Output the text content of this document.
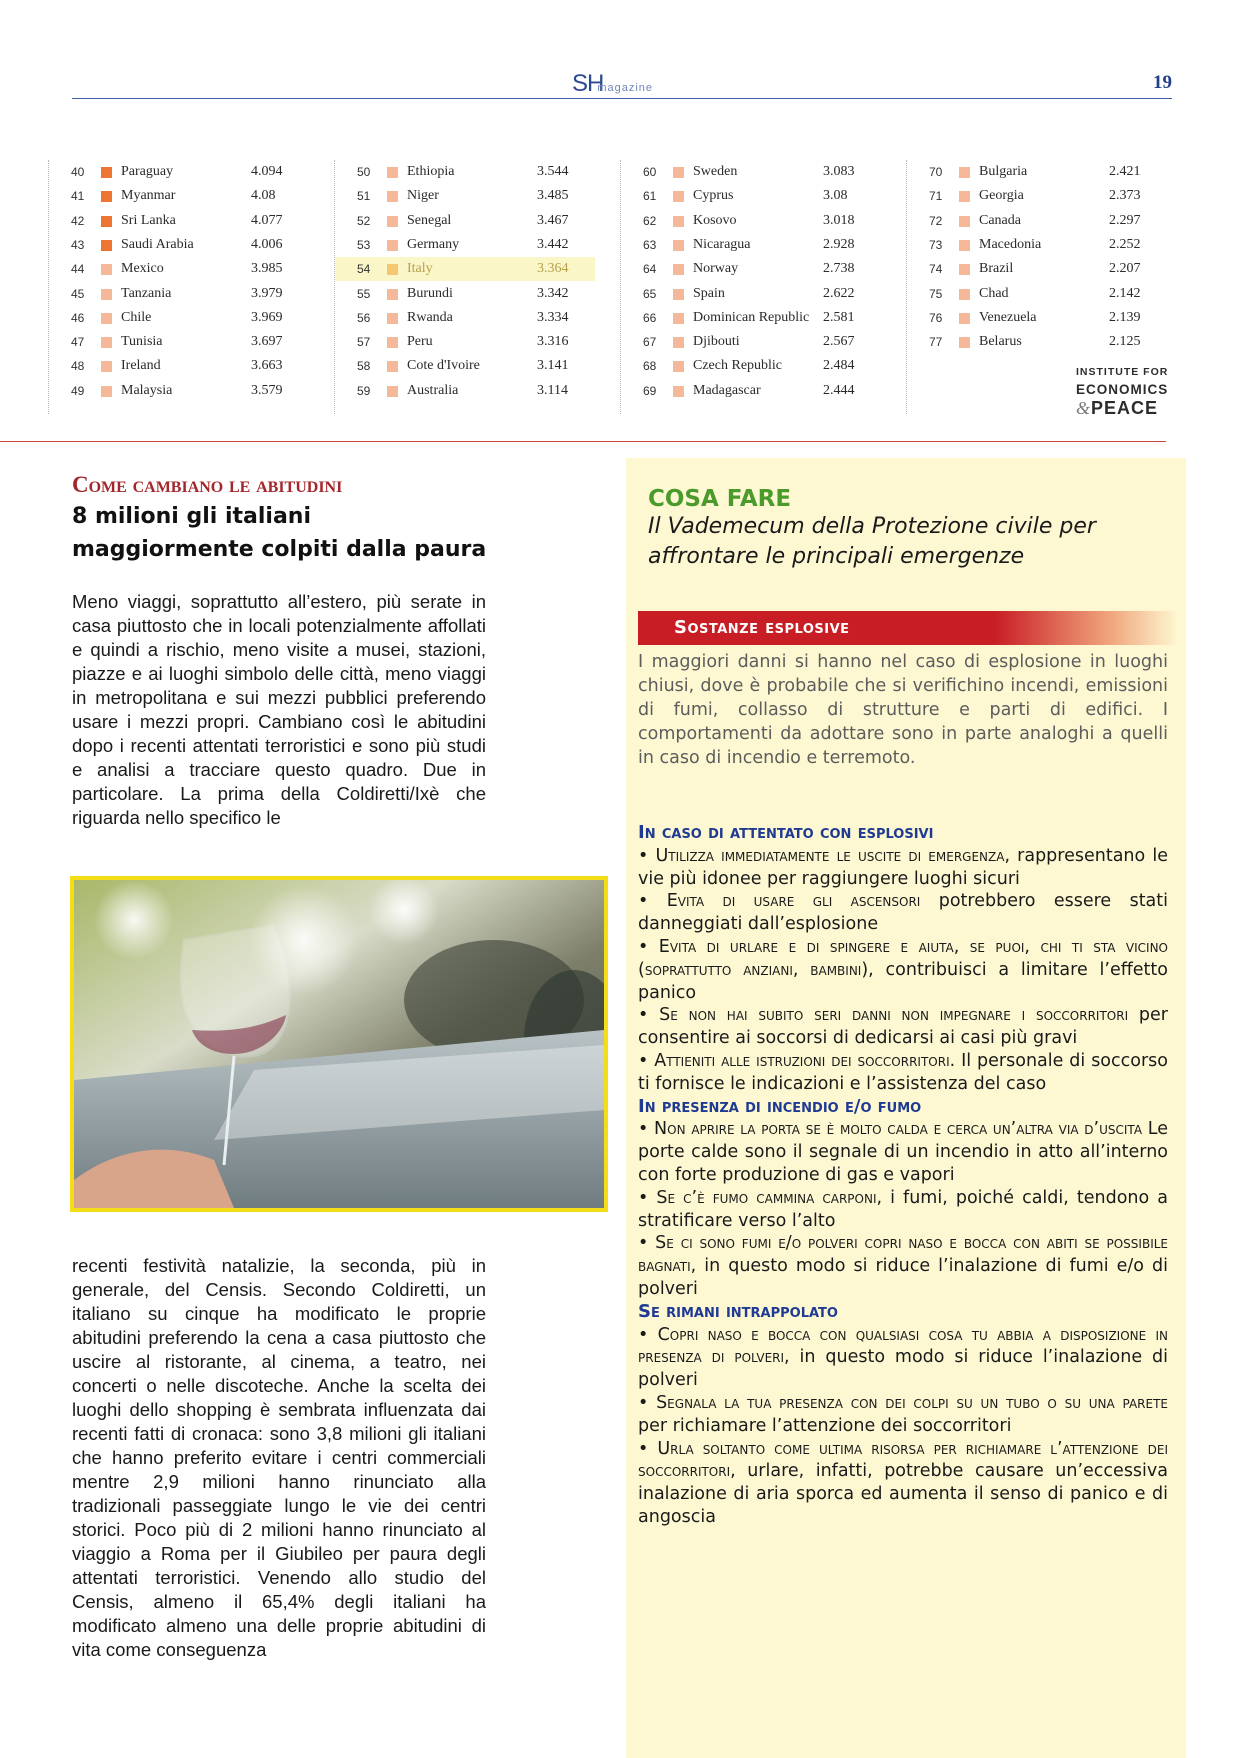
SHmagazine	19
40	Paraguay	4.094
41	Myanmar	4.08
42	Sri Lanka	4.077
43	Saudi Arabia	4.006
44	Mexico	3.985
45	Tanzania	3.979
46	Chile	3.969
47	Tunisia	3.697
48	Ireland	3.663
49	Malaysia	3.579
50	Ethiopia	3.544
51	Niger	3.485
52	Senegal	3.467
53	Germany	3.442
54	Italy	3.364
55	Burundi	3.342
56	Rwanda	3.334
57	Peru	3.316
58	Cote d'Ivoire	3.141
59	Australia	3.114
60	Sweden	3.083
61	Cyprus	3.08
62	Kosovo	3.018
63	Nicaragua	2.928
64	Norway	2.738
65	Spain	2.622
66	Dominican Republic 2.581
67	Djibouti	2.567
68	Czech Republic	2.484
69	Madagascar	2.444
70	Bulgaria	2.421
71	Georgia	2.373
72	Canada	2.297
73	Macedonia	2.252
74	Brazil	2.207
75	Chad	2.142
76	Venezuela	2.139
77	Belarus	2.125
INSTITUTE FOR
ECONOMICS
&PEACE
Come cambiano le abitudini
8 milioni gli italiani maggiormente colpiti dalla paura
Meno viaggi, soprattutto all’estero, più serate in casa piuttosto che in locali potenzialmente affollati e quindi a rischio, meno visite a musei, stazioni, piazze e ai luoghi simbolo delle città, meno viaggi in metropolitana e sui mezzi pubblici preferendo usare i mezzi propri. Cambiano così le abitudini dopo i recenti attentati terroristici e sono più studi e analisi a tracciare questo quadro. Due in particolare. La prima della Coldiretti/Ixè che riguarda nello specifico le
recenti festività natalizie, la seconda, più in generale, del Censis. Secondo Coldiretti, un italiano su cinque ha modificato le proprie abitudini preferendo la cena a casa piuttosto che uscire al ristorante, al cinema, a teatro, nei concerti o nelle discoteche. Anche la scelta dei luoghi dello shopping è sembrata influenzata dai recenti fatti di cronaca: sono 3,8 milioni gli italiani che hanno preferito evitare i centri commerciali mentre 2,9 milioni hanno rinunciato alla tradizionali passeggiate lungo le vie dei centri storici. Poco più di 2 milioni hanno rinunciato al viaggio a Roma per il Giubileo per paura degli attentati terroristici. Venendo allo studio del Censis, almeno il 65,4% degli italiani ha modificato almeno una delle proprie abitudini di vita come conseguenza
COSA FARE
Il Vademecum della Protezione civile per affrontare le principali emergenze
Sostanze esplosive
I maggiori danni si hanno nel caso di esplosione in luoghi chiusi, dove è probabile che si verifichino incendi, emissioni di fumi, collasso di strutture e parti di edifici. I comportamenti da adottare sono in parte analoghi a quelli in caso di incendio e terremoto.

In caso di attentato con esplosivi

• Utilizza immediatamente le uscite di emergenza, rappresentano le vie più idonee per raggiungere luoghi sicuri

• Evita di usare gli ascensori potrebbero essere stati danneggiati dall’esplosione

• Evita di urlare e di spingere e aiuta, se puoi, chi ti sta vicino (soprattutto anziani, bambini), contribuisci a limitare l’effetto panico

• Se non hai subito seri danni non impegnare i soccorritori per consentire ai soccorsi di dedicarsi ai casi più gravi

• Attieniti alle istruzioni dei soccorritori. Il personale di soccorso ti fornisce le indicazioni e l’assistenza del caso

In presenza di incendio e/o fumo

• Non aprire la porta se è molto calda e cerca un’altra via d’uscita Le porte calde sono il segnale di un incendio in atto all’interno con forte produzione di gas e vapori

• Se c’è fumo cammina carponi, i fumi, poiché caldi, tendono a stratificare verso l’alto

• Se ci sono fumi e/o polveri copri naso e bocca con abiti se possibile bagnati, in questo modo si riduce l’inalazione di fumi e/o di polveri

Se rimani intrappolato

• Copri naso e bocca con qualsiasi cosa tu abbia a disposizione in presenza di polveri, in questo modo si riduce l’inalazione di polveri

• Segnala la tua presenza con dei colpi su un tubo o su una parete per richiamare l’attenzione dei soccorritori

• Urla soltanto come ultima risorsa per richiamare l’attenzione dei soccorritori, urlare, infatti, potrebbe causare un’eccessiva inalazione di aria sporca ed aumenta il senso di panico e di angoscia
